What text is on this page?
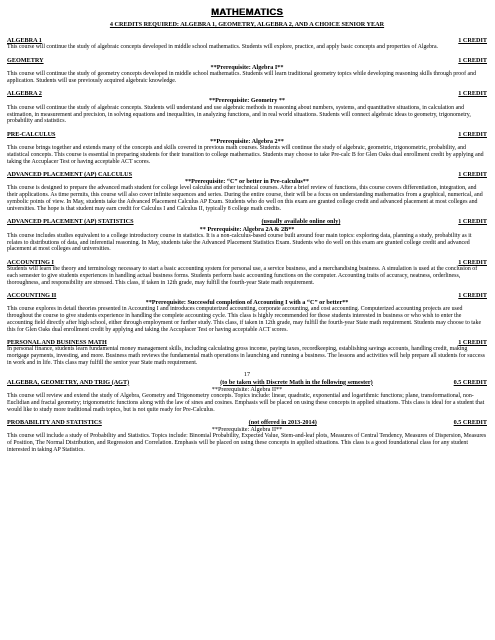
MATHEMATICS
4 CREDITS REQUIRED: ALGEBRA 1, GEOMETRY, ALGEBRA 2, AND A CHOICE SENIOR YEAR
ALGEBRA 1	1 CREDIT

This course will continue the study of algebraic concepts developed in middle school mathematics. Students will explore, practice, and apply basic concepts and properties of Algebra.

GEOMETRY	1 CREDIT
**Prerequisite: Algebra I**

This course will continue the study of geometry concepts developed in middle school mathematics. Students will learn traditional geometry topics while developing reasoning skills through proof and application. Students will use previously acquired algebraic knowledge.

ALGEBRA 2	1 CREDIT
**Prerequisite: Geometry **

This course will continue the study of algebraic concepts. Students will understand and use algebraic methods in reasoning about numbers, systems, and quantitative situations, in calculation and estimation, in measurement and precision, in solving equations and inequalities, in analyzing functions, and in real world situations. Students will connect algebraic ideas to geometry, trigonometry, probability and statistics.

PRE-CALCULUS	1 CREDIT
**Prerequisite: Algebra 2**

This course brings together and extends many of the concepts and skills covered in previous math courses. Students will continue the study of algebraic, geometric, trigonometric, probability, and statistical concepts. This course is essential in preparing students for their transition to college mathematics. Students may choose to take Pre-calc B for Glen Oaks dual enrollment credit by applying and taking the Accuplacer Test or having acceptable ACT scores.

ADVANCED PLACEMENT (AP) CALCULUS	1 CREDIT
**Prerequisite: “C” or better in Pre-calculus**

This course is designed to prepare the advanced math student for college level calculus and other technical courses. After a brief review of functions, this course covers differentiation, integration, and their applications. As time permits, this course will also cover infinite sequences and series. During the entire course, their will be a focus on understanding mathematics from a graphical, numerical, and symbolic points of view. In May, students take the Advanced Placement Calculus AP Exam. Students who do well on this exam are granted college credit and advanced placement at most colleges and universities. The hope is that student may earn credit for Calculus I and Calculus II, typically 8 college math credits.

ADVANCED PLACEMENT (AP) STATISTICS	(usually available online only)	1 CREDIT
** Prerequisite: Algebra 2A & 2B**

This course includes studies equivalent to a college introductory course in statistics. It is a non-calculus-based course built around four main topics: exploring data, planning a study, probability as it relates to distributions of data, and inferential reasoning. In May, students take the Advanced Placement Statistics Exam. Students who do well on this exam are granted college credit and advanced placement at most colleges and universities.

ACCOUNTING I	1 CREDIT

Students will learn the theory and terminology necessary to start a basic accounting system for personal use, a service business, and a merchandising business. A simulation is used at the conclusion of each semester to give students experiences in handling actual business forms. Students perform basic accounting functions on the computer. Accounting traits of accuracy, neatness, orderliness, thoroughness, and responsibility are stressed. This class, if taken in 12th grade, may fulfill the fourth-year State math requirement.

ACCOUNTING II	1 CREDIT
**Prerequisite: Successful completion of Accounting I with a “C” or better**

This course explores in detail theories presented in Accounting I and introduces computerized accounting, corporate accounting, and cost accounting. Computerized accounting projects are used throughout the course to give students experience in handling the complete accounting cycle. This class is highly recommended for those students interested in business or who wish to enter the accounting field directly after high school, either through employment or further study. This class, if taken in 12th grade, may fulfill the fourth-year State math requirement. Students may choose to take this for Glen Oaks dual enrollment credit by applying and taking the Accuplacer Test or having acceptable ACT scores.

PERSONAL AND BUSINESS MATH	1 CREDIT

In personal finance, students learn fundamental money management skills, including calculating gross income, paying taxes, recordkeeping, establishing savings accounts, handling credit, making mortgage payments, investing, and more. Business math reviews the fundamental math operations in launching and running a business. The lessons and activities will help prepare all students for success in work and in life. This class may fulfill the senior year State math requirement.

17
ALGEBRA, GEOMETRY, AND TRIG (AGT)	(to be taken with Discrete Math in the following semester)	0.5 CREDIT
**Prerequisite: Algebra II**

This course will review and extend the study of Algebra, Geometry and Trigonometry concepts. Topics include: linear, quadratic, exponential and logarithmic functions; plane, transformational, non-Euclidian and fractal geometry; trigonometric functions along with the law of sines and cosines. Emphasis will be placed on using these concepts in applied situations. This class is ideal for a student that would like to study more traditional math topics, but is not quite ready for Pre-Calculus.

PROBABILITY AND STATISTICS	(not offered in 2013-2014)	0.5 CREDIT
**Prerequisite: Algebra II**

This course will include a study of Probability and Statistics. Topics include: Binomial Probability, Expected Value, Stem-and-leaf plots, Measures of Central Tendency, Measures of Dispersion, Measures of Position, The Normal Distribution, and Regression and Correlation. Emphasis will be placed on using these concepts in applied situations. This class is a good foundational class for any student interested in taking AP Statistics.
